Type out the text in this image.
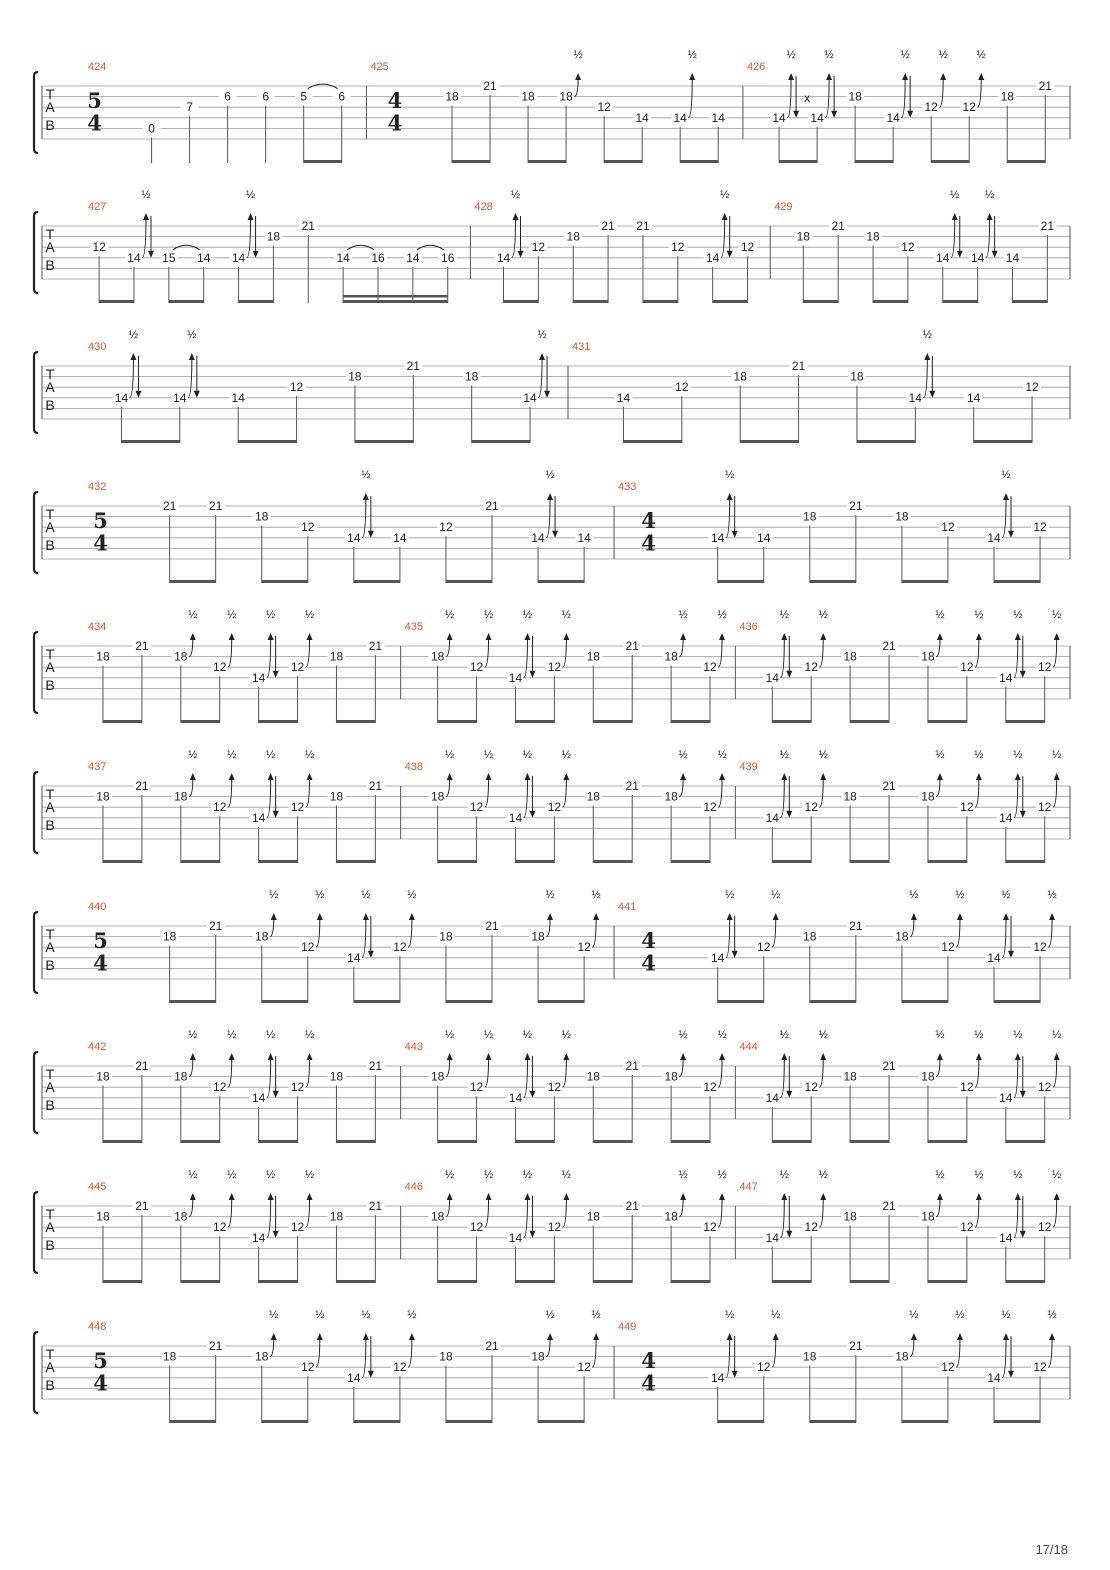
T
A
B
424
5
4	0
7
6	6	5	6
425
4
4
18
21
18 18
½
12
14 14
½
14
426
14
½
14
x
½
18
14
½
12
½
12
½
18
21
T
A
B
427
12
14
½
15 14 14
½
18
21
14 16 14 16
428
14
½
12
18
21 21
12
14
½
12
429
18
21
18
12
14
½
14
½
14
21
T
A
B
430
14
½
14
½
14
12
18
21
18
14
½
431
14
12
18
21
18
14
½
14
12
T
A
B
432
5
4
21	21
18
12
14
½
14
12
21
14
½
14
433
4
4	14
½
14
18
21
18
12
14
½
12
T
A
B
434
18
21
18
½
12
½
14
½
12
½
18
21
435
18
½
12
½
14
½
12
½
18
21
18
½
12
½
436
14
½
12
½
18
21
18
½
12
½
14
½
12
½
T
A
B
437
18
21
18
½
12
½
14
½
12
½
18
21
438
18
½
12
½
14
½
12
½
18
21
18
½
12
½
439
14
½
12
½
18
21
18
½
12
½
14
½
12
½
T
A
B
440
5
4
18
21
18
½
12
½
14
½
12
½
18
21
18
½
12
½
441
4
4	14
½
12
½
18
21
18
½
12
½
14
½
12
½
T
A
B
442
18
21
18
½
12
½
14
½
12
½
18
21
443
18
½
12
½
14
½
12
½
18
21
18
½
12
½
444
14
½
12
½
18
21
18
½
12
½
14
½
12
½
T
A
B
445
18
21
18
½
12
½
14
½
12
½
18
21
446
18
½
12
½
14
½
12
½
18
21
18
½
12
½
447
14
½
12
½
18
21
18
½
12
½
14
½
12
½
T
A
B
448
5
4
18
21
18
½
12
½
14
½
12
½
18
21
18
½
12
½
449
4
4	14
½
12
½
18
21
18
½
12
½
14
½
12
½
17/18
